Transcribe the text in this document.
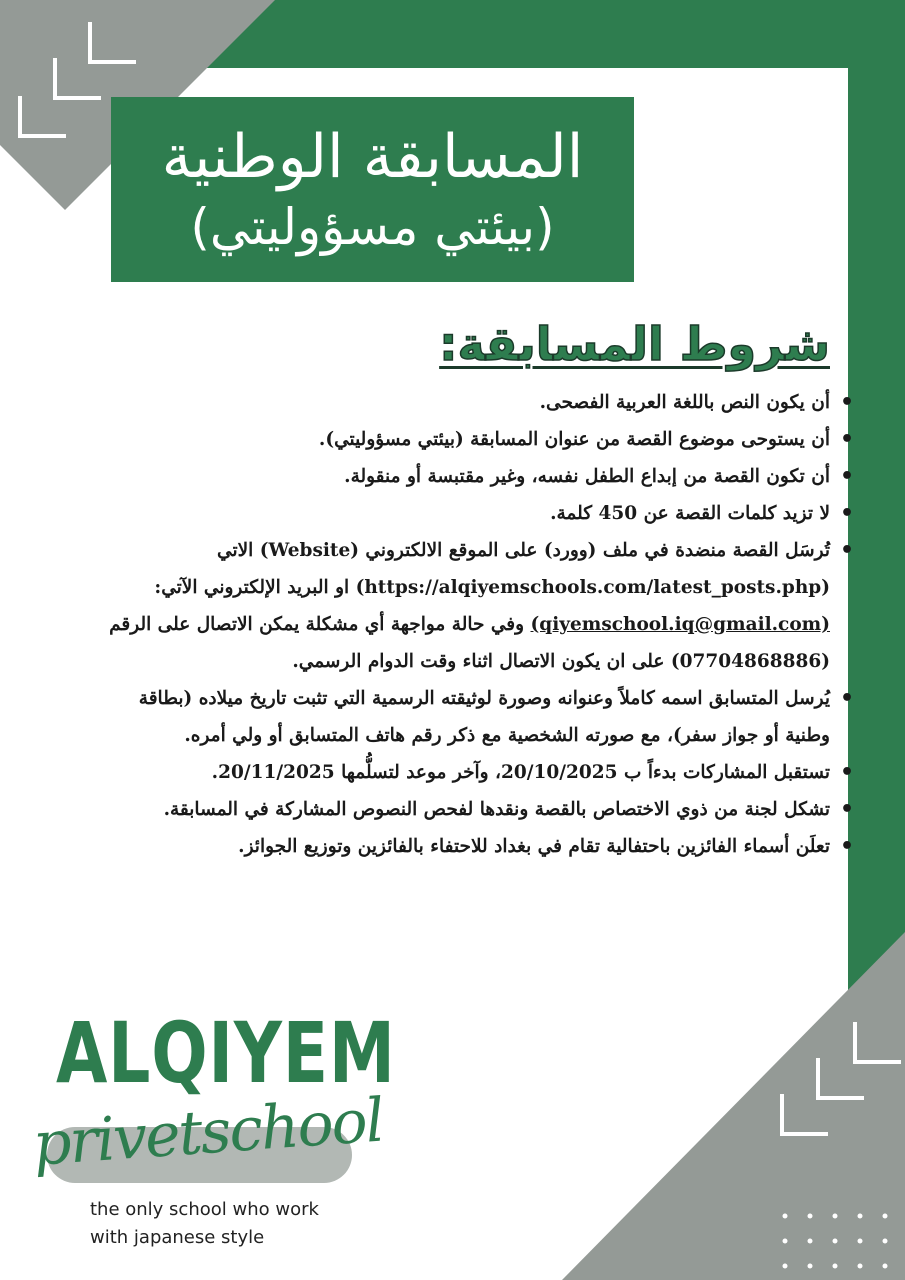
المسابقة الوطنية
(بيئتي مسؤوليتي)
شروط المسابقة:
• أن يكون النص باللغة العربية الفصحى.
• أن يستوحى موضوع القصة من عنوان المسابقة (بيئتي مسؤوليتي).
• أن تكون القصة من إبداع الطفل نفسه، وغير مقتبسة أو منقولة.
• لا تزيد كلمات القصة عن 450 كلمة.
• تُرسَل القصة منضدة في ملف (وورد) على الموقع الالكتروني (Website) الاتي (https://alqiyemschools.com/latest_posts.php) او البريد الإلكتروني الآتي: (qiyemschool.iq@gmail.com) وفي حالة مواجهة أي مشكلة يمكن الاتصال على الرقم (07704868886) على ان يكون الاتصال اثناء وقت الدوام الرسمي.
• يُرسل المتسابق اسمه كاملاً وعنوانه وصورة لوثيقته الرسمية التي تثبت تاريخ ميلاده (بطاقة وطنية أو جواز سفر)، مع صورته الشخصية مع ذكر رقم هاتف المتسابق أو ولي أمره.
• تستقبل المشاركات بدءاً ب 20/10/2025، وآخر موعد لتسلُّمها 20/11/2025.
• تشكل لجنة من ذوي الاختصاص بالقصة ونقدها لفحص النصوص المشاركة في المسابقة.
• تعلَن أسماء الفائزين باحتفالية تقام في بغداد للاحتفاء بالفائزين وتوزيع الجوائز.
ALQIYEM
privetschool
the only school who work
with japanese style
